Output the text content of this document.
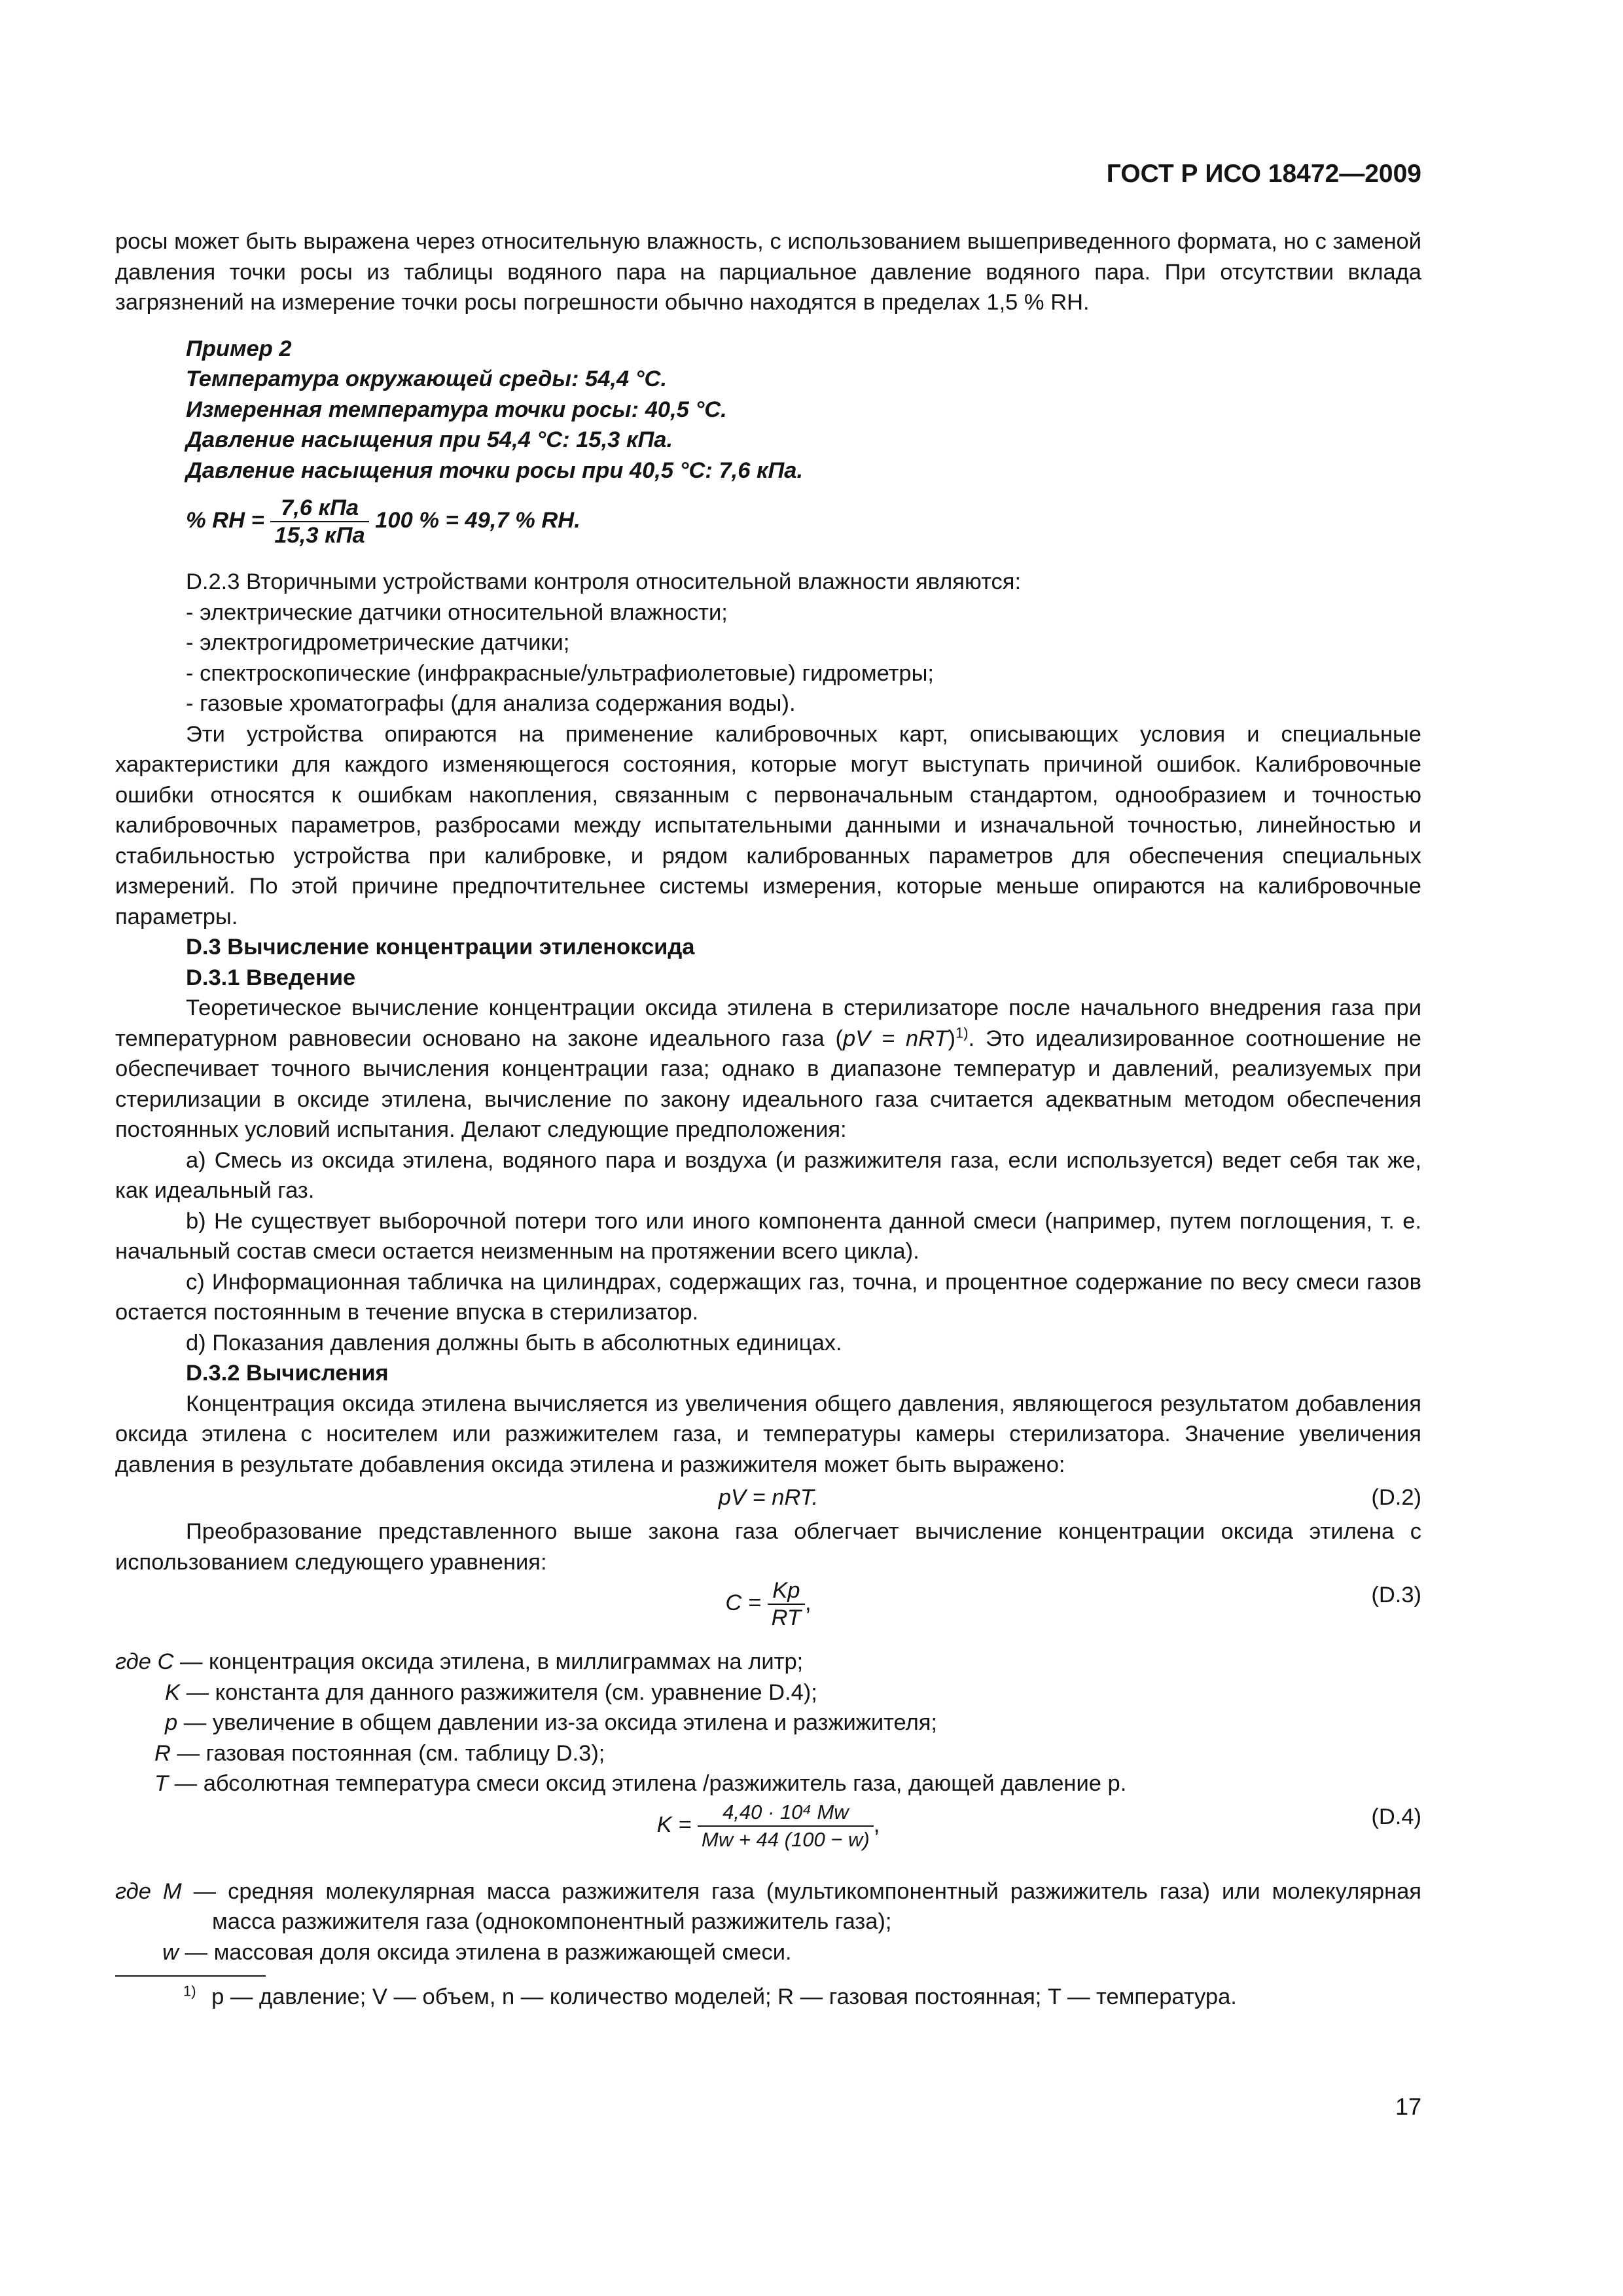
ГОСТ Р ИСО 18472—2009

росы может быть выражена через относительную влажность, с использованием вышеприведенного формата, но с заменой давления точки росы из таблицы водяного пара на парциальное давление водяного пара. При отсутствии вклада загрязнений на измерение точки росы погрешности обычно находятся в пределах 1,5 % RH.

Пример 2
Температура окружающей среды: 54,4 °C.
Измеренная температура точки росы: 40,5 °C.
Давление насыщения при 54,4 °C: 15,3 кПа.
Давление насыщения точки росы при 40,5 °C: 7,6 кПа.
% RH = $\frac{\text{7,6 кПа}}{\text{15,3 кПа}} 100$ % = 49,7 % RH.

D.2.3 Вторичными устройствами контроля относительной влажности являются:

- электрические датчики относительной влажности;

- электрогидрометрические датчики;

- спектроскопические (инфракрасные/ультрафиолетовые) гидрометры;

- газовые хроматографы (для анализа содержания воды).

Эти устройства опираются на применение калибровочных карт, описывающих условия и специальные характеристики для каждого изменяющегося состояния, которые могут выступать причиной ошибок. Калибровочные ошибки относятся к ошибкам накопления, связанным с первоначальным стандартом, однообразием и точностью калибровочных параметров, разбросами между испытательными данными и изначальной точностью, линейностью и стабильностью устройства при калибровке, и рядом калиброванных параметров для обеспечения специальных измерений. По этой причине предпочтительнее системы измерения, которые меньше опираются на калибровочные параметры.

D.3 Вычисление концентрации этиленоксида
D.3.1 Введение

Теоретическое вычисление концентрации оксида этилена в стерилизаторе после начального внедрения газа при температурном равновесии основано на законе идеального газа (pV = nRT)$^{1)}$. Это идеализированное соотношение не обеспечивает точного вычисления концентрации газа; однако в диапазоне температур и давлений, реализуемых при стерилизации в оксиде этилена, вычисление по закону идеального газа считается адекватным методом обеспечения постоянных условий испытания. Делают следующие предположения:

a) Смесь из оксида этилена, водяного пара и воздуха (и разжижителя газа, если используется) ведет себя так же, как идеальный газ.

b) Не существует выборочной потери того или иного компонента данной смеси (например, путем поглощения, т. е. начальный состав смеси остается неизменным на протяжении всего цикла).

c) Информационная табличка на цилиндрах, содержащих газ, точна, и процентное содержание по весу смеси газов остается постоянным в течение впуска в стерилизатор.

d) Показания давления должны быть в абсолютных единицах.

D.3.2 Вычисления

Концентрация оксида этилена вычисляется из увеличения общего давления, являющегося результатом добавления оксида этилена с носителем или разжижителем газа, и температуры камеры стерилизатора. Значение увеличения давления в результате добавления оксида этилена и разжижителя может быть выражено:

pV = nRT.	(D.2)

Преобразование представленного выше закона газа облегчает вычисление концентрации оксида этилена с использованием следующего уравнения:

$C = \frac{Kp}{RT}$ ,	(D.3)
где C — концентрация оксида этилена, в миллиграммах на литр;
K — константа для данного разжижителя (см. уравнение D.4);
p — увеличение в общем давлении из-за оксида этилена и разжижителя;
R — газовая постоянная (см. таблицу D.3);
T — абсолютная температура смеси оксид этилена /разжижитель газа, дающей давление p.
$K = \frac{\text{4,40 · 10⁴ Mw}}{Mw + 44 (100 - w)}$ ,	(D.4)

где M — средняя молекулярная масса разжижителя газа (мультикомпонентный разжижитель газа) или молекулярная масса разжижителя газа (однокомпонентный разжижитель газа);

w — массовая доля оксида этилена в разжижающей смеси.
$^{1)}$ p — давление; V — объем, n — количество моделей; R — газовая постоянная; T — температура.
17
